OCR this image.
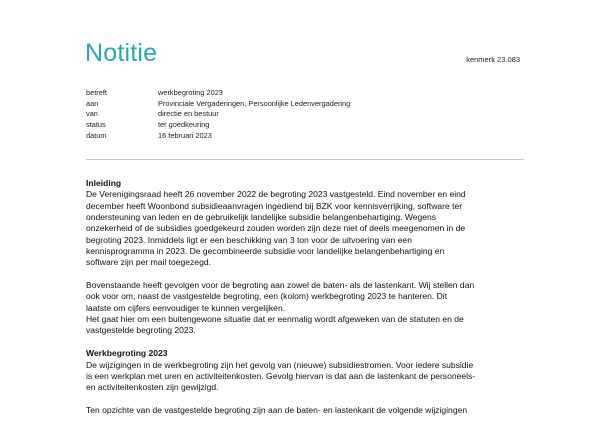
Notitie	kenmerk 23.083
betreft	werkbegroting 2023
aan	Provinciale Vergaderingen, Persoonlijke Ledenvergadering
van	directie en bestuur
status	ter goedkeuring
datum	16 februari 2023
Inleiding
De Verenigingsraad heeft 26 november 2022 de begroting 2023 vastgesteld. Eind november en eind
december heeft Woonbond subsidieaanvragen ingediend bij BZK voor kennisverrijking, software ter
ondersteuning van leden en de gebruikelijk landelijke subsidie belangenbehartiging. Wegens
onzekerheid of de subsidies goedgekeurd zouden worden zijn deze niet of deels meegenomen in de
begroting 2023. Inmiddels ligt er een beschikking van 3 ton voor de uitvoering van een
kennisprogramma in 2023. De gecombineerde subsidie voor landelijke belangenbehartiging en
software zijn per mail toegezegd.
Bovenstaande heeft gevolgen voor de begroting aan zowel de baten- als de lastenkant. Wij stellen dan
ook voor om, naast de vastgestelde begroting, een (kolom) werkbegroting 2023 te hanteren. Dit
laatste om cijfers eenvoudiger te kunnen vergelijken.
Het gaat hier om een buitengewone situatie dat er eenmalig wordt afgeweken van de statuten en de
vastgestelde begroting 2023.
Werkbegroting 2023
De wijzigingen in de werkbegroting zijn het gevolg van (nieuwe) subsidiestromen. Voor iedere subsidie
is een werkplan met uren en activiteitenkosten. Gevolg hiervan is dat aan de lastenkant de personeels-
en activiteitenkosten zijn gewijzigd.
Ten opzichte van de vastgestelde begroting zijn aan de baten- en lastenkant de volgende wijzigingen
